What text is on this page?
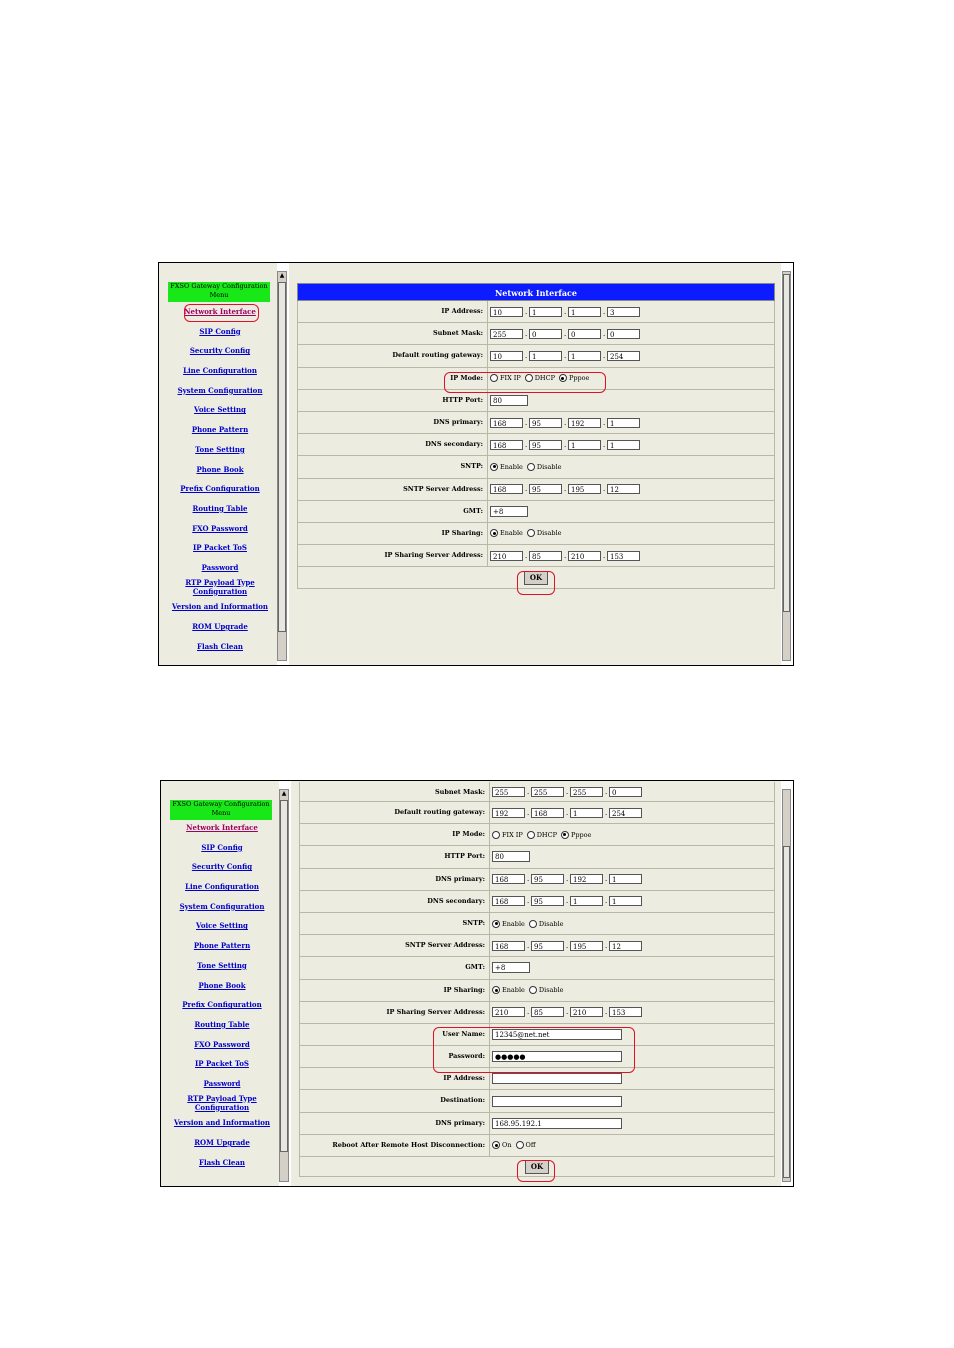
FXSO Gateway Configuration Menu
Network Interface
SIP Config
Security Config
Line Configuration
System Configuration
Voice Setting
Phone Pattern
Tone Setting
Phone Book
Prefix Configuration
Routing Table
FXO Password
IP Packet ToS
Password
RTP Payload Type Configuration
Version and Information
ROM Upgrade
Flash Clean
▲
Network Interface
IP Address:	10	. 1	. 1	. 3
Subnet Mask:	255	. 0	. 0	. 0
Default routing gateway:	10	. 1	. 1	. 254
IP Mode:	FIX IP DHCP Pppoe
HTTP Port:	80
DNS primary:	168	. 95	. 192	. 1
DNS secondary:	168	. 95	. 1	. 1
SNTP:	Enable Disable
SNTP Server Address:	168	. 95	. 195	. 12
GMT:	+8
IP Sharing:	Enable Disable
IP Sharing Server Address:	210	. 85	. 210	. 153
OK
FXSO Gateway Configuration Menu
Network Interface
SIP Config
Security Config
Line Configuration
System Configuration
Voice Setting
Phone Pattern
Tone Setting
Phone Book
Prefix Configuration
Routing Table
FXO Password
IP Packet ToS
Password
RTP Payload Type Configuration
Version and Information
ROM Upgrade
Flash Clean
▲	Subnet Mask:	255	. 255	. 255	. 0
Default routing gateway:	192	. 168	. 1	. 254
IP Mode:	FIX IP DHCP Pppoe
HTTP Port:	80
DNS primary:	168	. 95	. 192	. 1
DNS secondary:	168	. 95	. 1	. 1
SNTP:	Enable Disable
SNTP Server Address:	168	. 95	. 195	. 12
GMT:	+8
IP Sharing:	Enable Disable
IP Sharing Server Address:	210	. 85	. 210	. 153
User Name:	12345@net.net
Password:	●●●●●
IP Address:
Destination:
DNS primary:	168.95.192.1
Reboot After Remote Host Disconnection:	On Off
OK
